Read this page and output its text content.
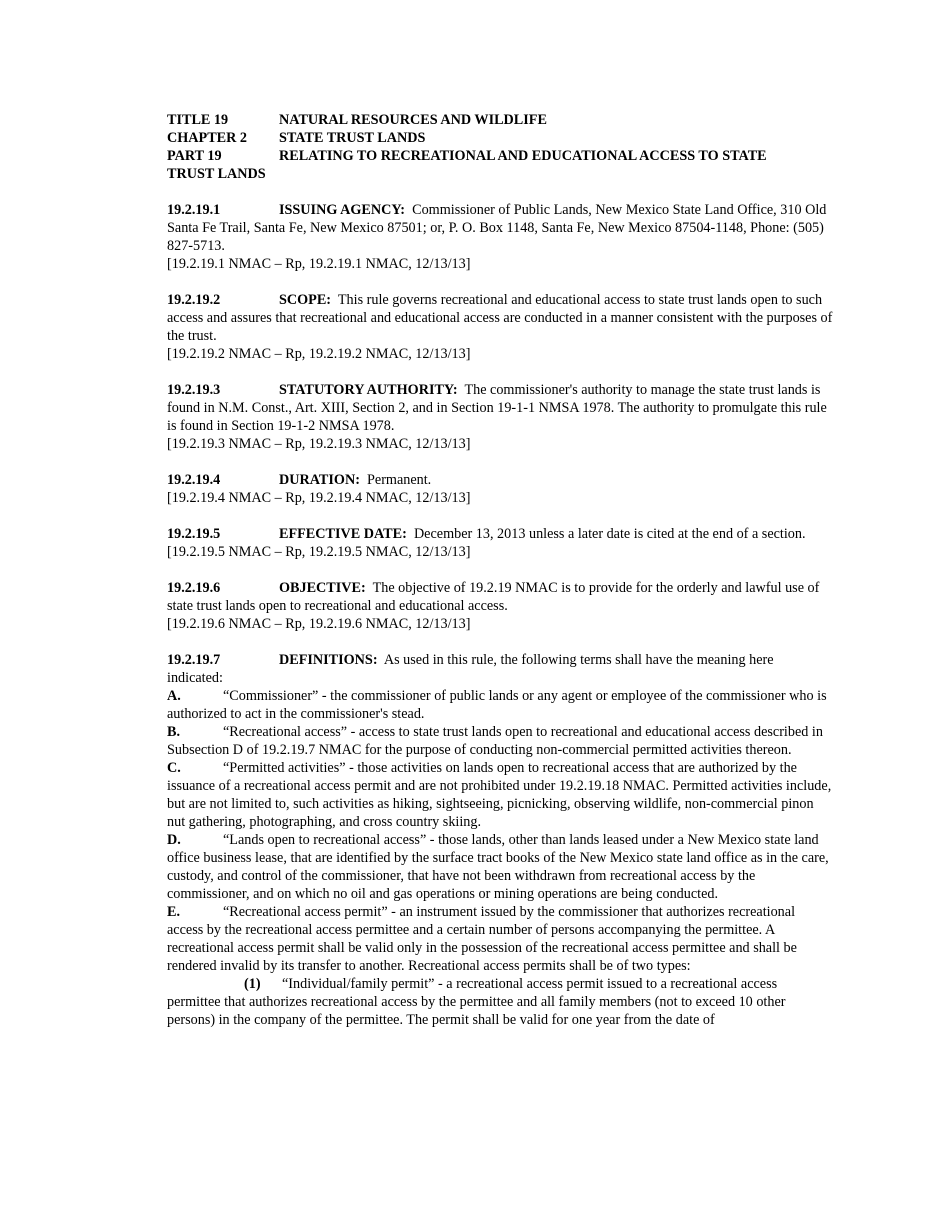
TITLE 19	NATURAL RESOURCES AND WILDLIFE
CHAPTER 2	STATE TRUST LANDS
PART 19	RELATING TO RECREATIONAL AND EDUCATIONAL ACCESS TO STATE
TRUST LANDS
19.2.19.1	ISSUING AGENCY: Commissioner of Public Lands, New Mexico State Land Office, 310 Old Santa Fe Trail, Santa Fe, New Mexico 87501; or, P. O. Box 1148, Santa Fe, New Mexico 87504-1148, Phone: (505) 827-5713.
[19.2.19.1 NMAC – Rp, 19.2.19.1 NMAC, 12/13/13]
19.2.19.2	SCOPE: This rule governs recreational and educational access to state trust lands open to such access and assures that recreational and educational access are conducted in a manner consistent with the purposes of the trust.
[19.2.19.2 NMAC – Rp, 19.2.19.2 NMAC, 12/13/13]
19.2.19.3	STATUTORY AUTHORITY: The commissioner's authority to manage the state trust lands is found in N.M. Const., Art. XIII, Section 2, and in Section 19-1-1 NMSA 1978. The authority to promulgate this rule is found in Section 19-1-2 NMSA 1978.
[19.2.19.3 NMAC – Rp, 19.2.19.3 NMAC, 12/13/13]
19.2.19.4	DURATION: Permanent.
[19.2.19.4 NMAC – Rp, 19.2.19.4 NMAC, 12/13/13]
19.2.19.5	EFFECTIVE DATE: December 13, 2013 unless a later date is cited at the end of a section.
[19.2.19.5 NMAC – Rp, 19.2.19.5 NMAC, 12/13/13]
19.2.19.6	OBJECTIVE: The objective of 19.2.19 NMAC is to provide for the orderly and lawful use of state trust lands open to recreational and educational access.
[19.2.19.6 NMAC – Rp, 19.2.19.6 NMAC, 12/13/13]
19.2.19.7	DEFINITIONS: As used in this rule, the following terms shall have the meaning here indicated:
A.	“Commissioner” - the commissioner of public lands or any agent or employee of the commissioner who is authorized to act in the commissioner's stead.
B.	“Recreational access” - access to state trust lands open to recreational and educational access described in Subsection D of 19.2.19.7 NMAC for the purpose of conducting non-commercial permitted activities thereon.
C.	“Permitted activities” - those activities on lands open to recreational access that are authorized by the issuance of a recreational access permit and are not prohibited under 19.2.19.18 NMAC. Permitted activities include, but are not limited to, such activities as hiking, sightseeing, picnicking, observing wildlife, non-commercial pinon nut gathering, photographing, and cross country skiing.
D.	“Lands open to recreational access” - those lands, other than lands leased under a New Mexico state land office business lease, that are identified by the surface tract books of the New Mexico state land office as in the care, custody, and control of the commissioner, that have not been withdrawn from recreational access by the commissioner, and on which no oil and gas operations or mining operations are being conducted.
E.	“Recreational access permit” - an instrument issued by the commissioner that authorizes recreational access by the recreational access permittee and a certain number of persons accompanying the permittee. A recreational access permit shall be valid only in the possession of the recreational access permittee and shall be rendered invalid by its transfer to another. Recreational access permits shall be of two types:
(1) “Individual/family permit” - a recreational access permit issued to a recreational access permittee that authorizes recreational access by the permittee and all family members (not to exceed 10 other persons) in the company of the permittee. The permit shall be valid for one year from the date of
